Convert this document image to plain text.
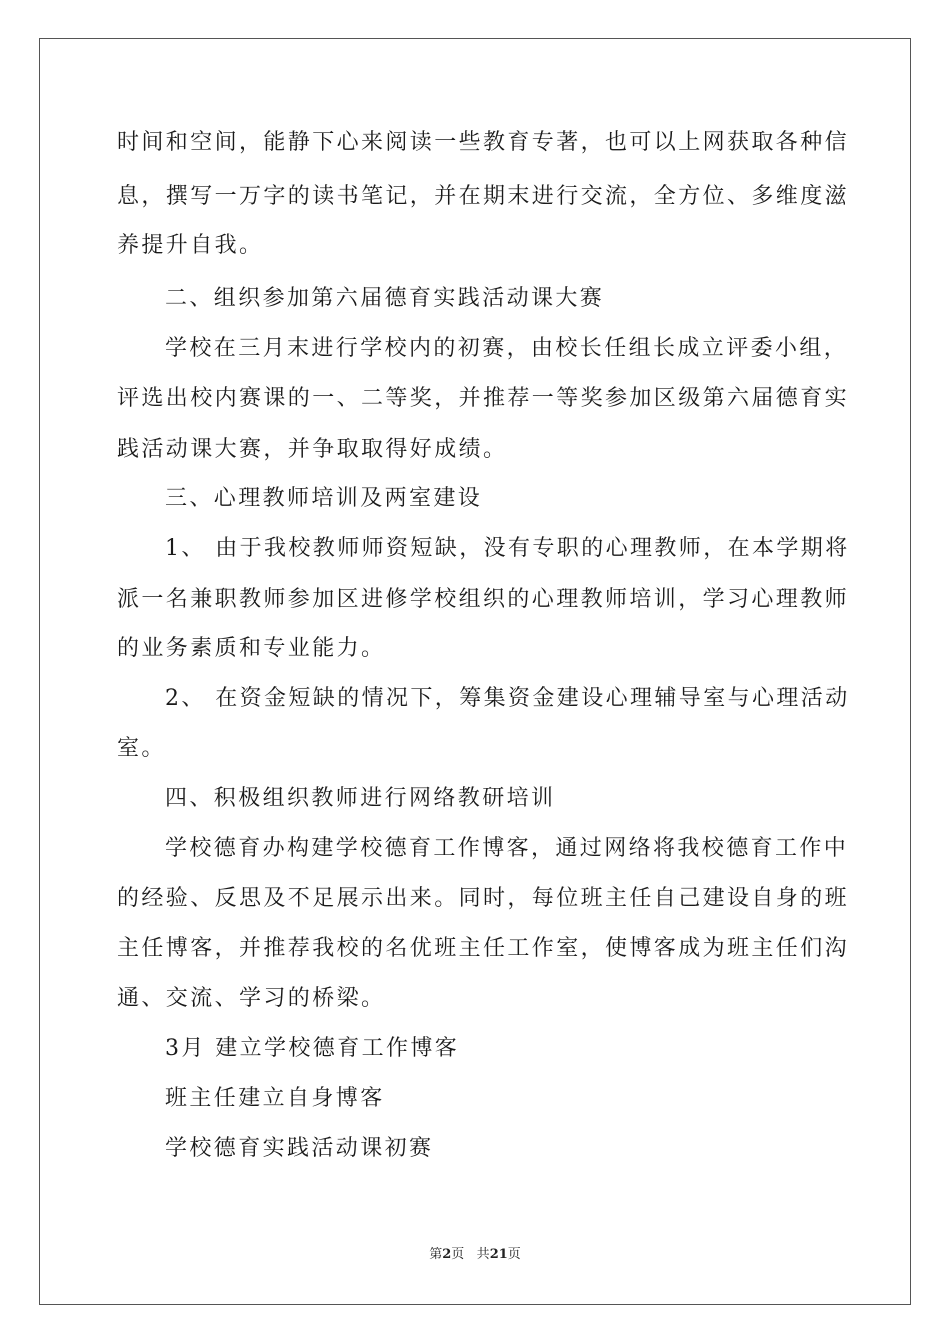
时间和空间，能静下心来阅读一些教育专著，也可以上网获取各种信
息，撰写一万字的读书笔记，并在期末进行交流，全方位、多维度滋
养提升自我。
二、组织参加第六届德育实践活动课大赛
学校在三月末进行学校内的初赛，由校长任组长成立评委小组，
评选出校内赛课的一、二等奖，并推荐一等奖参加区级第六届德育实
践活动课大赛，并争取取得好成绩。
三、心理教师培训及两室建设
1、 由于我校教师师资短缺，没有专职的心理教师，在本学期将
派一名兼职教师参加区进修学校组织的心理教师培训，学习心理教师
的业务素质和专业能力。
2、 在资金短缺的情况下，筹集资金建设心理辅导室与心理活动
室。
四、积极组织教师进行网络教研培训
学校德育办构建学校德育工作博客，通过网络将我校德育工作中
的经验、反思及不足展示出来。同时，每位班主任自己建设自身的班
主任博客，并推荐我校的名优班主任工作室，使博客成为班主任们沟
通、交流、学习的桥梁。
3月 建立学校德育工作博客
班主任建立自身博客
学校德育实践活动课初赛
第2页 共21页
